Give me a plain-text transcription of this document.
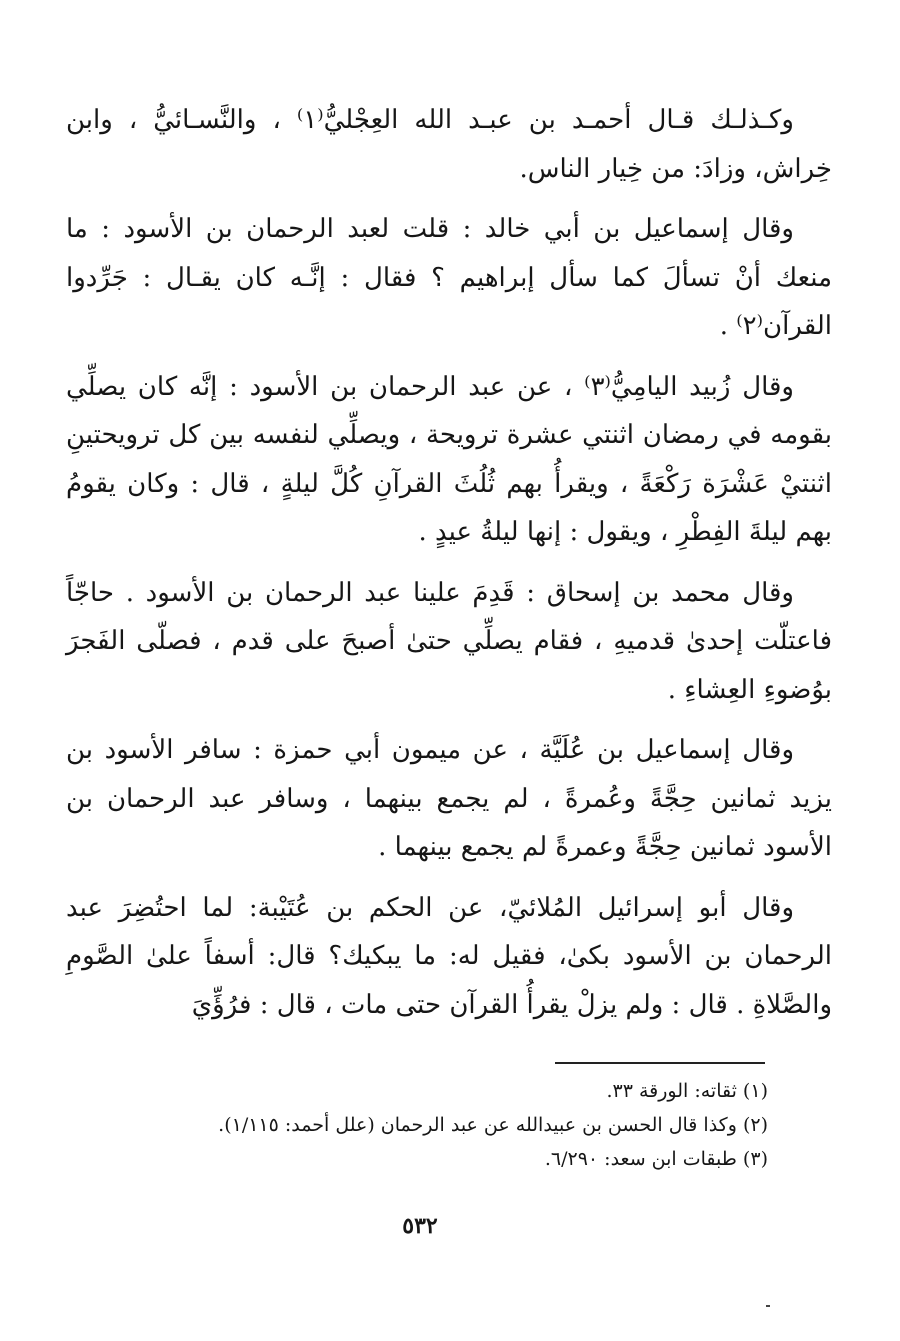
وكـذلـك قـال أحمـد بن عبـد الله العِجْليُّ⁽١⁾ ، والنَّسـائيُّ ، وابن خِراش، وزادَ: من خِيار الناس.

وقال إسماعيل بن أبي خالد : قلت لعبد الرحمان بن الأسود : ما منعك أنْ تسألَ كما سأل إبراهيم ؟ فقال : إنَّـه كان يقـال : جَرِّدوا القرآن⁽٢⁾ .

وقال زُبيد اليامِيُّ⁽٣⁾ ، عن عبد الرحمان بن الأسود : إنَّه كان يصلِّي بقومه في رمضان اثنتي عشرة ترويحة ، ويصلِّي لنفسه بين كل ترويحتينِ اثنتيْ عَشْرَة رَكْعَةً ، ويقرأُ بهم ثُلُثَ القرآنِ كُلَّ ليلةٍ ، قال : وكان يقومُ بهم ليلةَ الفِطْرِ ، ويقول : إنها ليلةُ عيدٍ .

وقال محمد بن إسحاق : قَدِمَ علينا عبد الرحمان بن الأسود . حاجّاً فاعتلّت إحدىٰ قدميهِ ، فقام يصلِّي حتىٰ أصبحَ على قدم ، فصلّى الفَجرَ بوُضوءِ العِشاءِ .

وقال إسماعيل بن عُلَيَّة ، عن ميمون أبي حمزة : سافر الأسود بن يزيد ثمانين حِجَّةً وعُمرةً ، لم يجمع بينهما ، وسافر عبد الرحمان بن الأسود ثمانين حِجَّةً وعمرةً لم يجمع بينهما .

وقال أبو إسرائيل المُلائيّ، عن الحكم بن عُتَيْبة: لما احتُضِرَ عبد الرحمان بن الأسود بكىٰ، فقيل له: ما يبكيك؟ قال: أسفاً علىٰ الصَّومِ والصَّلاةِ . قال : ولم يزلْ يقرأُ القرآن حتى مات ، قال : فرُؤِّيَ

(١) ثقاته: الورقة ٣٣.

(٢) وكذا قال الحسن بن عبيدالله عن عبد الرحمان (علل أحمد: ١/١١٥).

(٣) طبقات ابن سعد: ٦/٢٩٠.

٥٣٢
